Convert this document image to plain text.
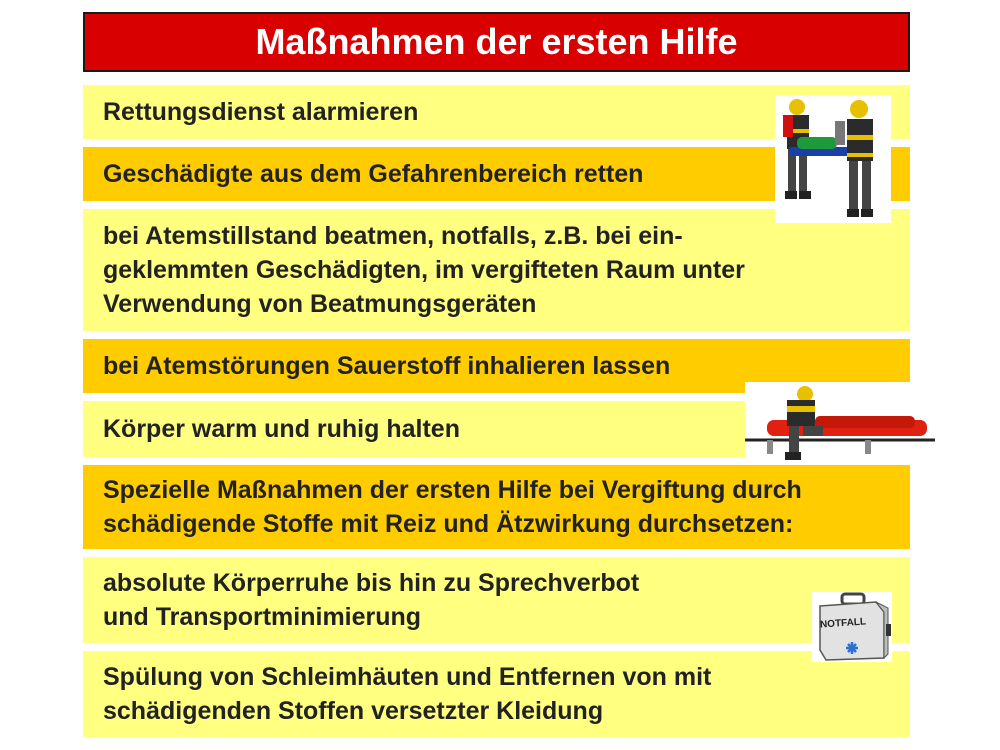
Maßnahmen der ersten Hilfe
Rettungsdienst alarmieren
Geschädigte aus dem Gefahrenbereich retten
bei Atemstillstand beatmen, notfalls, z.B. bei ein-
geklemmten Geschädigten, im vergifteten Raum unter
Verwendung von Beatmungsgeräten
bei Atemstörungen Sauerstoff inhalieren lassen
Körper warm und ruhig halten
Spezielle Maßnahmen der ersten Hilfe bei Vergiftung durch
schädigende Stoffe mit Reiz und Ätzwirkung durchsetzen:
absolute Körperruhe bis hin zu Sprechverbot
und Transportminimierung
Spülung von Schleimhäuten und Entfernen von mit
schädigenden Stoffen versetzter Kleidung
NOTFALL
